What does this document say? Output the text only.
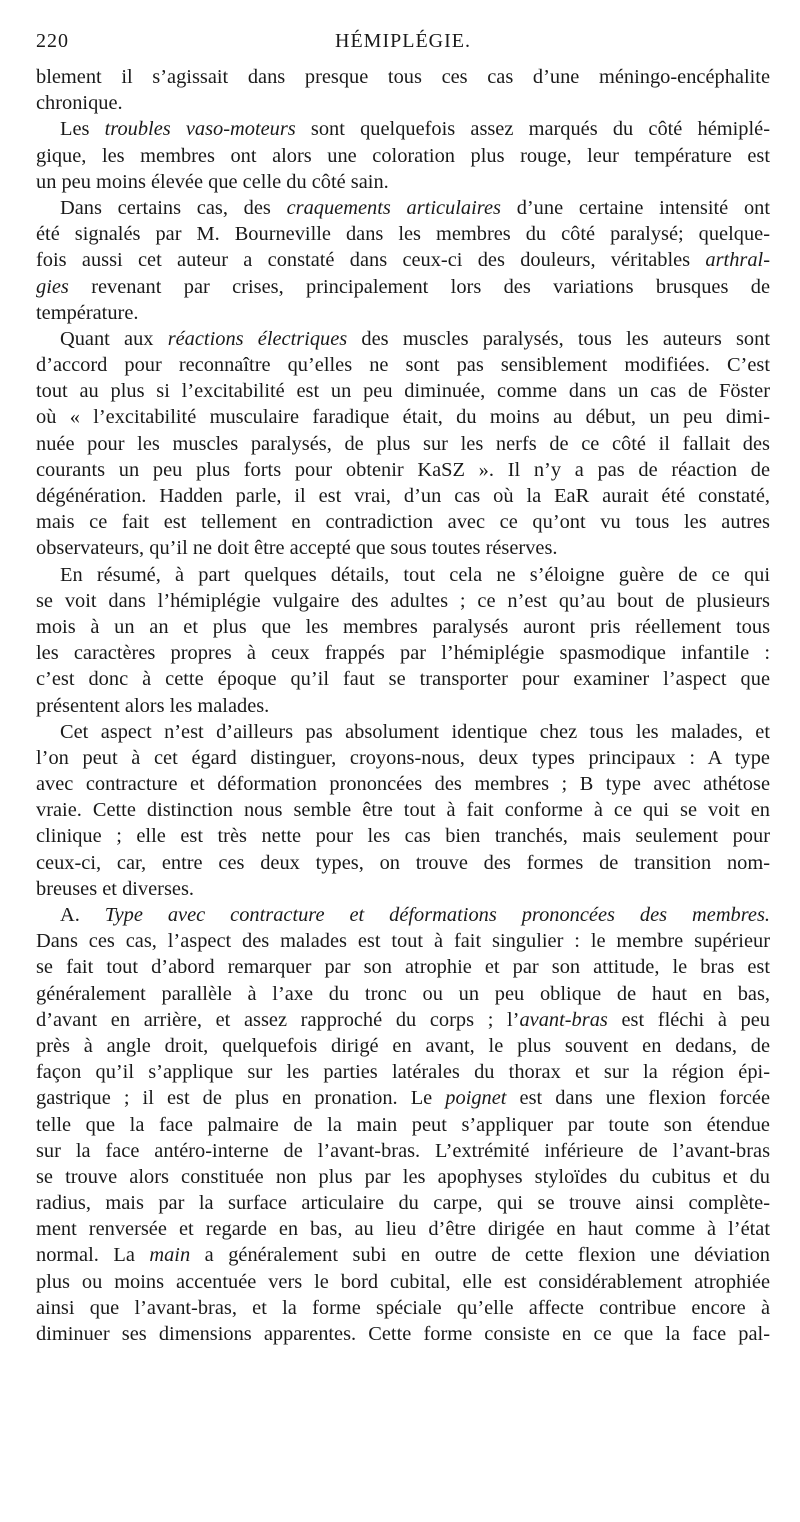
220	HÉMIPLÉGIE.
blement il s’agissait dans presque tous ces cas d’une méningo-encéphalite
chronique.
Les troubles vaso-moteurs sont quelquefois assez marqués du côté hémiplé-
gique, les membres ont alors une coloration plus rouge, leur température est
un peu moins élevée que celle du côté sain.
Dans certains cas, des craquements articulaires d’une certaine intensité ont
été signalés par M. Bourneville dans les membres du côté paralysé; quelque-
fois aussi cet auteur a constaté dans ceux-ci des douleurs, véritables arthral-
gies revenant par crises, principalement lors des variations brusques de
température.
Quant aux réactions électriques des muscles paralysés, tous les auteurs sont
d’accord pour reconnaître qu’elles ne sont pas sensiblement modifiées. C’est
tout au plus si l’excitabilité est un peu diminuée, comme dans un cas de Föster
où « l’excitabilité musculaire faradique était, du moins au début, un peu dimi-
nuée pour les muscles paralysés, de plus sur les nerfs de ce côté il fallait des
courants un peu plus forts pour obtenir KaSZ ». Il n’y a pas de réaction de
dégénération. Hadden parle, il est vrai, d’un cas où la EaR aurait été constaté,
mais ce fait est tellement en contradiction avec ce qu’ont vu tous les autres
observateurs, qu’il ne doit être accepté que sous toutes réserves.
En résumé, à part quelques détails, tout cela ne s’éloigne guère de ce qui
se voit dans l’hémiplégie vulgaire des adultes ; ce n’est qu’au bout de plusieurs
mois à un an et plus que les membres paralysés auront pris réellement tous
les caractères propres à ceux frappés par l’hémiplégie spasmodique infantile :
c’est donc à cette époque qu’il faut se transporter pour examiner l’aspect que
présentent alors les malades.
Cet aspect n’est d’ailleurs pas absolument identique chez tous les malades, et
l’on peut à cet égard distinguer, croyons-nous, deux types principaux : A type
avec contracture et déformation prononcées des membres ; B type avec athétose
vraie. Cette distinction nous semble être tout à fait conforme à ce qui se voit en
clinique ; elle est très nette pour les cas bien tranchés, mais seulement pour
ceux-ci, car, entre ces deux types, on trouve des formes de transition nom-
breuses et diverses.
A. Type avec contracture et déformations prononcées des membres.
Dans ces cas, l’aspect des malades est tout à fait singulier : le membre supérieur
se fait tout d’abord remarquer par son atrophie et par son attitude, le bras est
généralement parallèle à l’axe du tronc ou un peu oblique de haut en bas,
d’avant en arrière, et assez rapproché du corps ; l’avant-bras est fléchi à peu
près à angle droit, quelquefois dirigé en avant, le plus souvent en dedans, de
façon qu’il s’applique sur les parties latérales du thorax et sur la région épi-
gastrique ; il est de plus en pronation. Le poignet est dans une flexion forcée
telle que la face palmaire de la main peut s’appliquer par toute son étendue
sur la face antéro-interne de l’avant-bras. L’extrémité inférieure de l’avant-bras
se trouve alors constituée non plus par les apophyses styloïdes du cubitus et du
radius, mais par la surface articulaire du carpe, qui se trouve ainsi complète-
ment renversée et regarde en bas, au lieu d’être dirigée en haut comme à l’état
normal. La main a généralement subi en outre de cette flexion une déviation
plus ou moins accentuée vers le bord cubital, elle est considérablement atrophiée
ainsi que l’avant-bras, et la forme spéciale qu’elle affecte contribue encore à
diminuer ses dimensions apparentes. Cette forme consiste en ce que la face pal-
